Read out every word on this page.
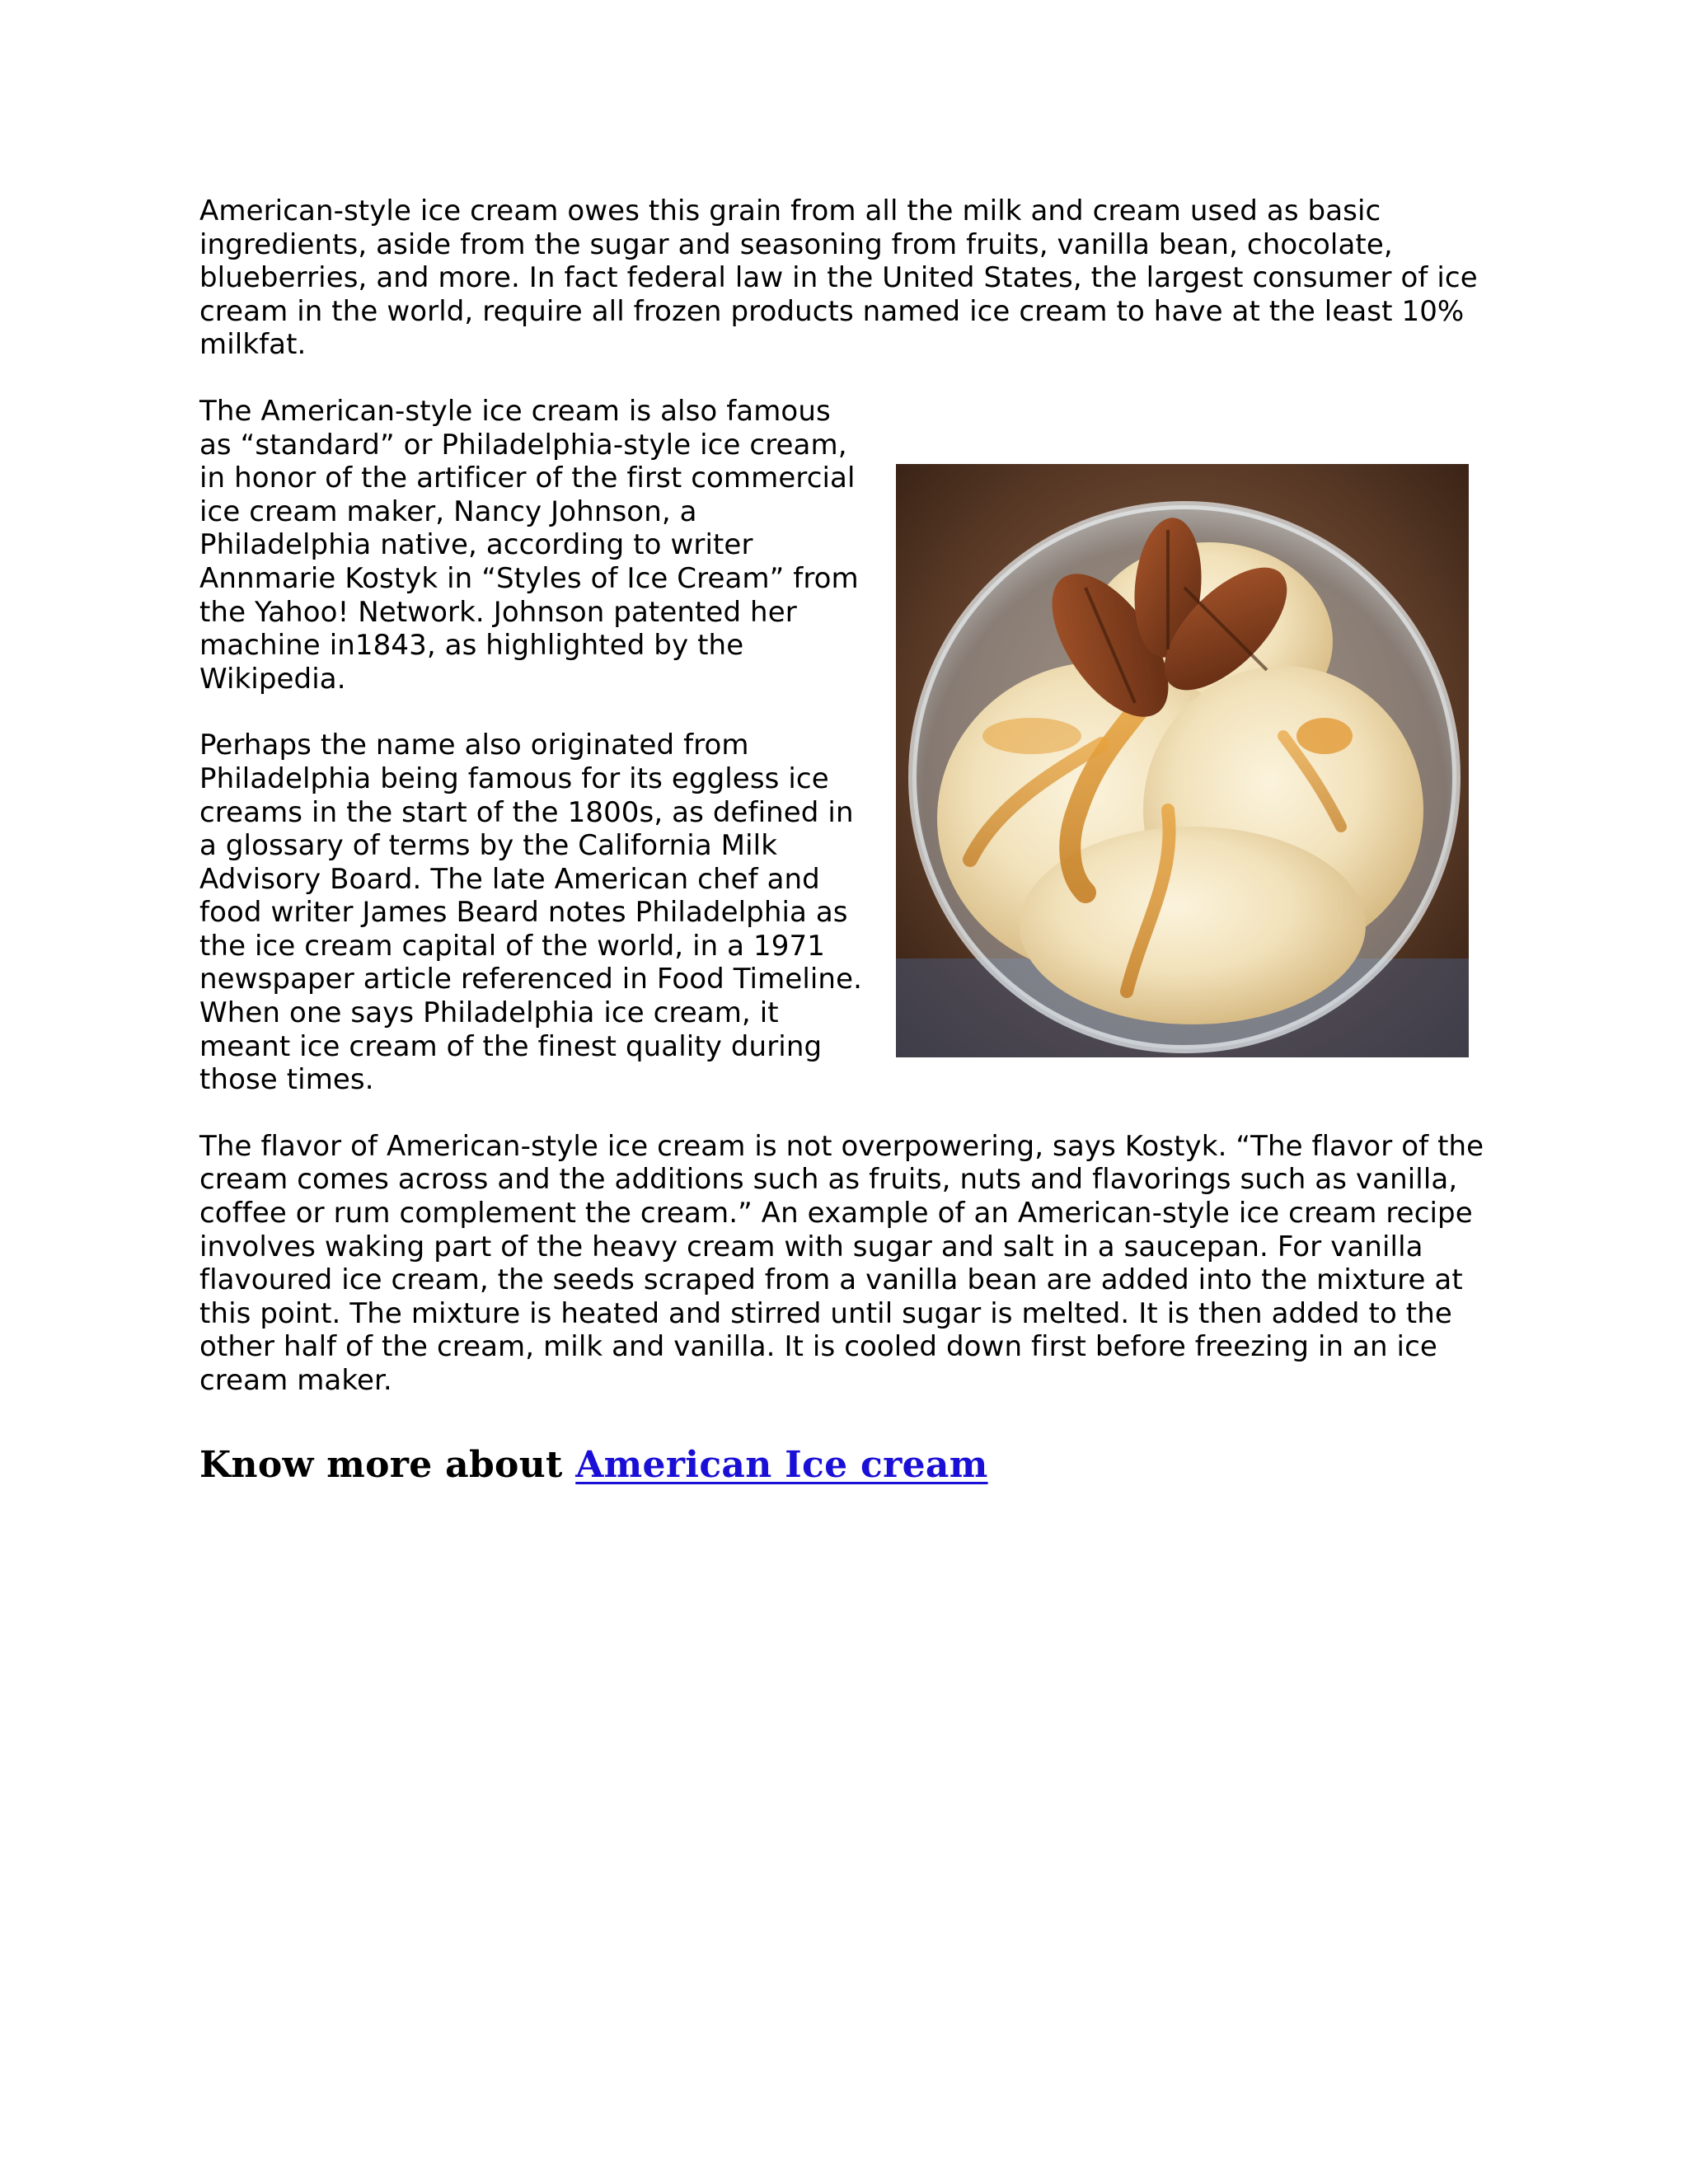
American-style ice cream owes this grain from all the milk and cream used as basic ingredients, aside from the sugar and seasoning from fruits, vanilla bean, chocolate, blueberries, and more. In fact federal law in the United States, the largest consumer of ice cream in the world, require all frozen products named ice cream to have at the least 10% milkfat.

The American-style ice cream is also famous as “standard” or Philadelphia-style ice cream, in honor of the artificer of the first commercial ice cream maker, Nancy Johnson, a Philadelphia native, according to writer Annmarie Kostyk in “Styles of Ice Cream” from the Yahoo! Network. Johnson patented her machine in1843, as highlighted by the Wikipedia.

Perhaps the name also originated from Philadelphia being famous for its eggless ice creams in the start of the 1800s, as defined in a glossary of terms by the California Milk Advisory Board. The late American chef and food writer James Beard notes Philadelphia as the ice cream capital of the world, in a 1971 newspaper article referenced in Food Timeline. When one says Philadelphia ice cream, it meant ice cream of the finest quality during those times.

The flavor of American-style ice cream is not overpowering, says Kostyk. “The flavor of the cream comes across and the additions such as fruits, nuts and flavorings such as vanilla, coffee or rum complement the cream.” An example of an American-style ice cream recipe involves waking part of the heavy cream with sugar and salt in a saucepan. For vanilla flavoured ice cream, the seeds scraped from a vanilla bean are added into the mixture at this point. The mixture is heated and stirred until sugar is melted. It is then added to the other half of the cream, milk and vanilla. It is cooled down first before freezing in an ice cream maker.

Know more about American Ice cream
